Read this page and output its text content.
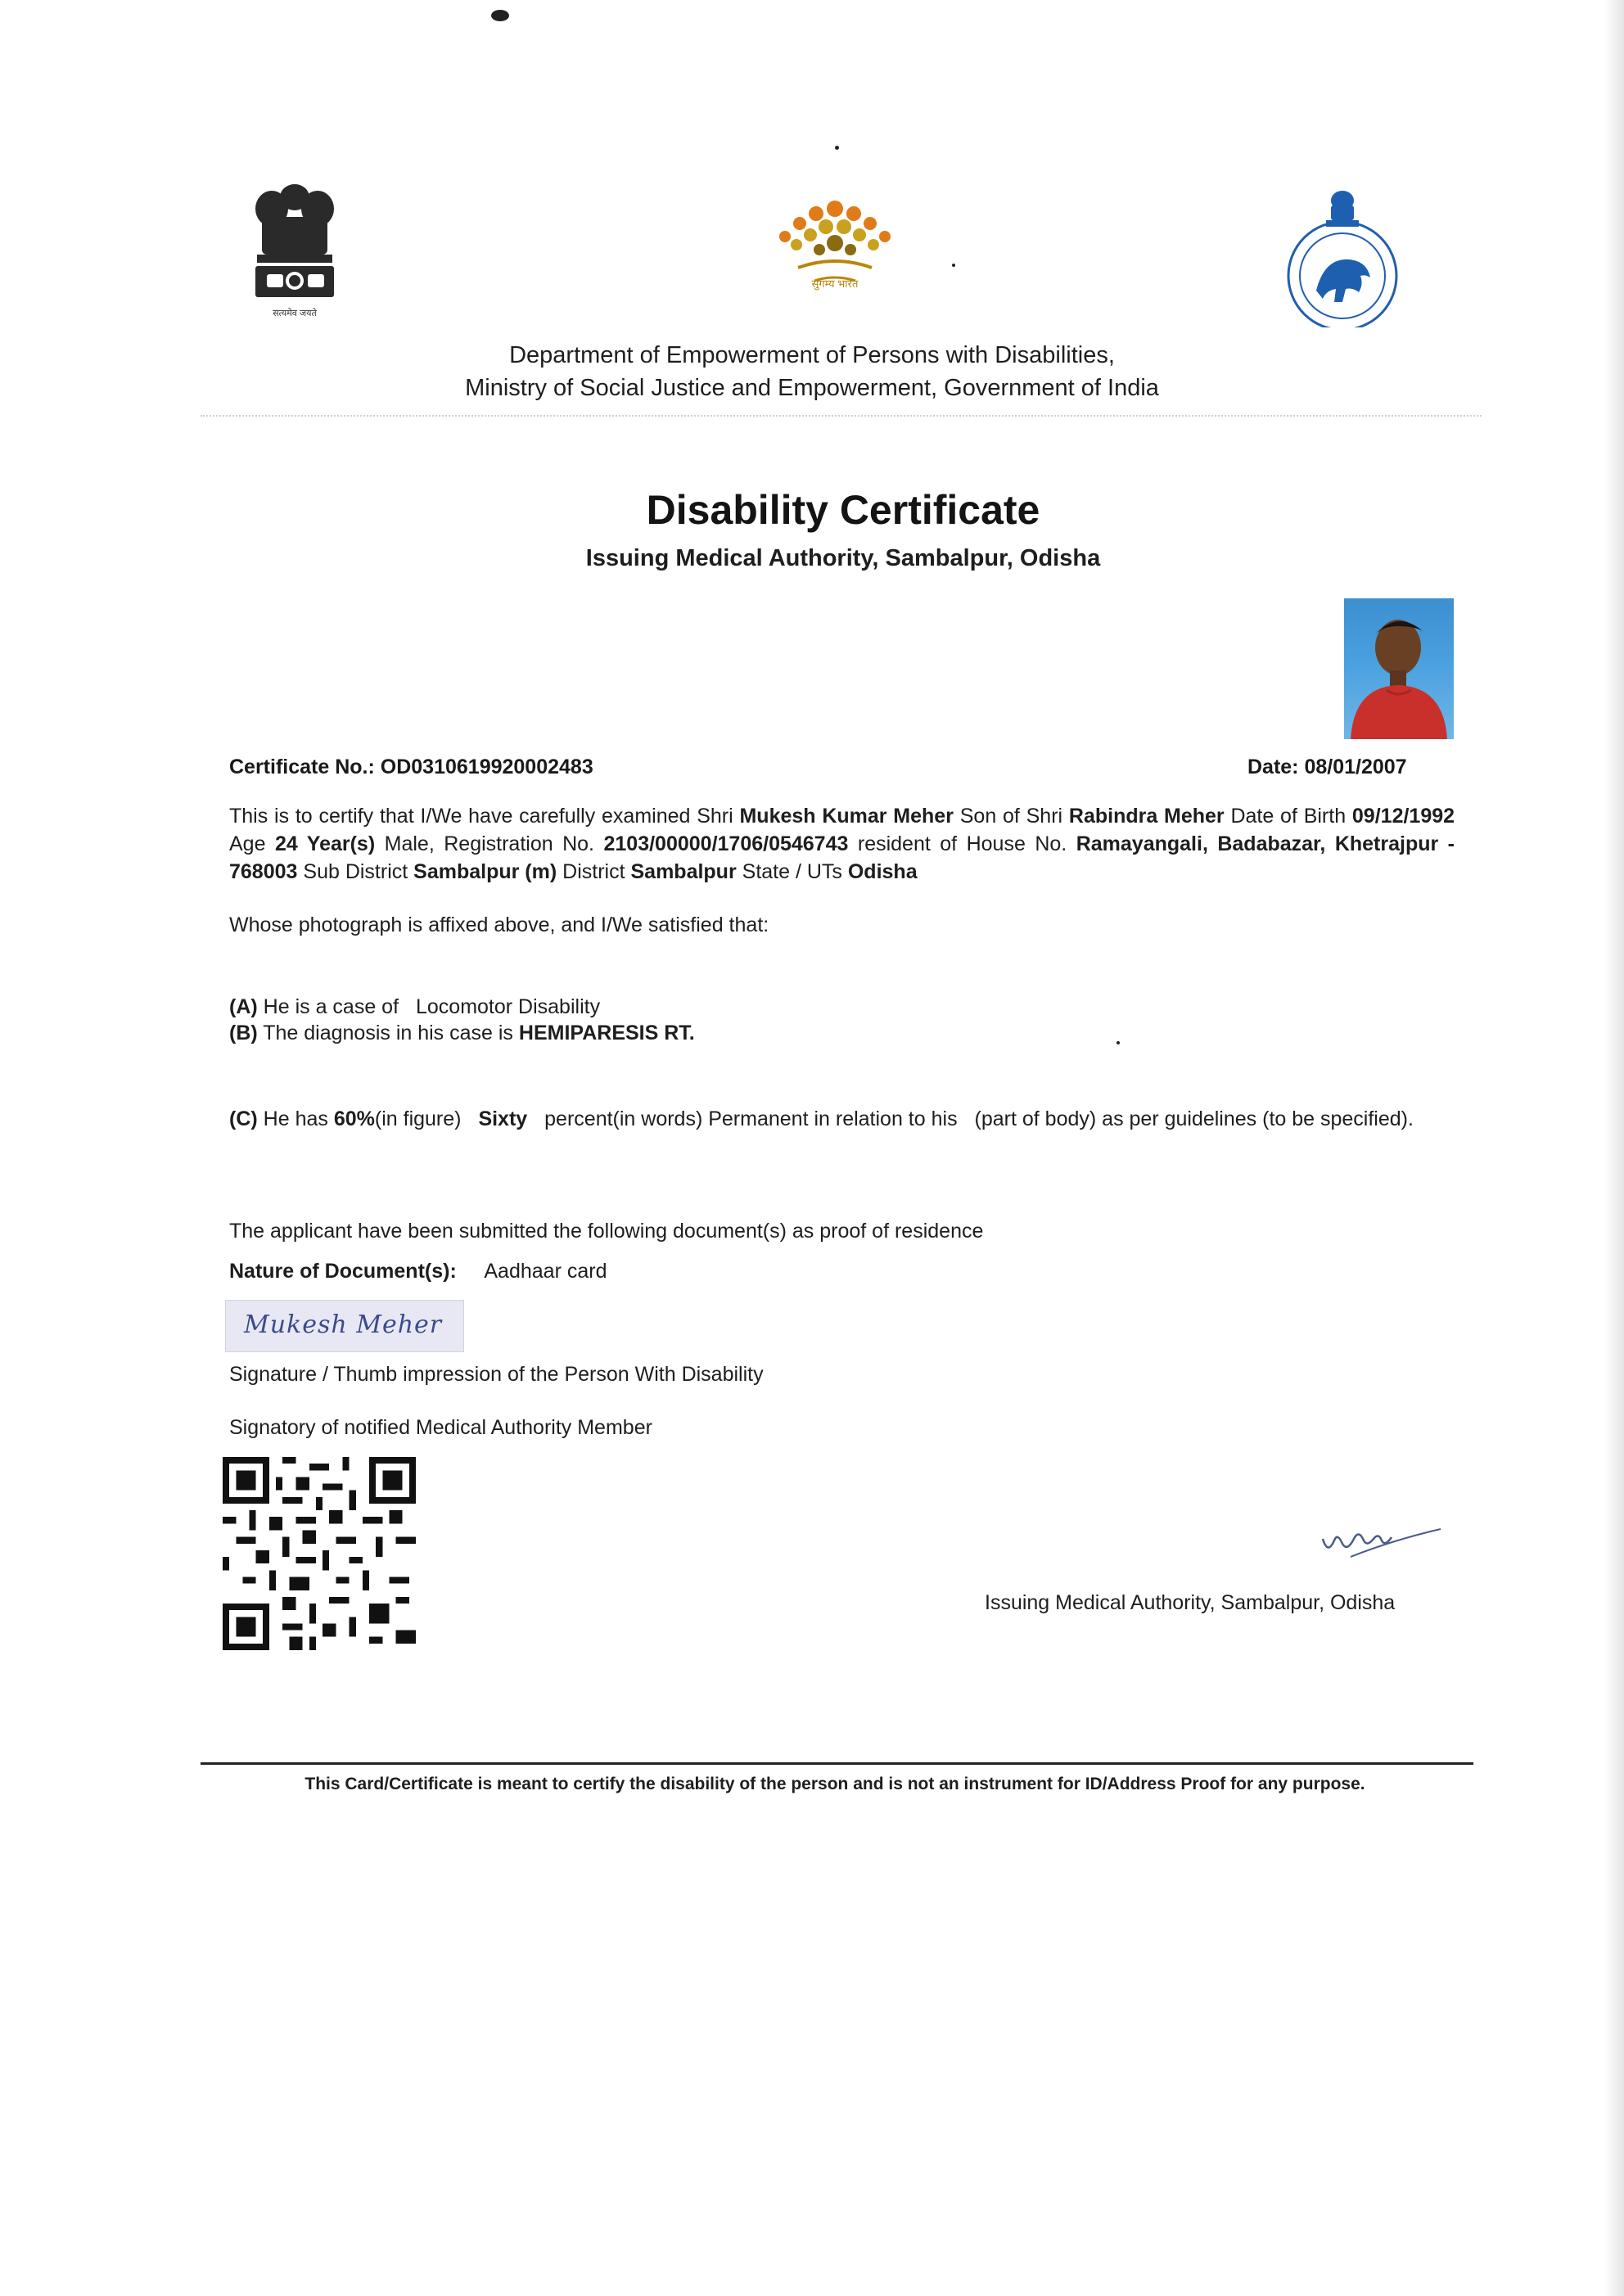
सत्यमेव जयते
सुगम्य भारत
Department of Empowerment of Persons with Disabilities,
Ministry of Social Justice and Empowerment, Government of India
Disability Certificate
Issuing Medical Authority, Sambalpur, Odisha
Certificate No.: OD0310619920002483	Date: 08/01/2007
This is to certify that I/We have carefully examined Shri Mukesh Kumar Meher Son of Shri Rabindra Meher Date of Birth 09/12/1992 Age 24 Year(s) Male, Registration No. 2103/00000/1706/0546743 resident of House No. Ramayangali, Badabazar, Khetrajpur - 768003 Sub District Sambalpur (m) District Sambalpur State / UTs Odisha
Whose photograph is affixed above, and I/We satisfied that:
(A) He is a case of Locomotor Disability
(B) The diagnosis in his case is HEMIPARESIS RT.
(C) He has 60%(in figure) Sixty percent(in words) Permanent in relation to his (part of body) as per guidelines (to be specified).
The applicant have been submitted the following document(s) as proof of residence
Nature of Document(s): Aadhaar card
Mukesh Meher
Signature / Thumb impression of the Person With Disability
Signatory of notified Medical Authority Member
Issuing Medical Authority, Sambalpur, Odisha
This Card/Certificate is meant to certify the disability of the person and is not an instrument for ID/Address Proof for any purpose.
